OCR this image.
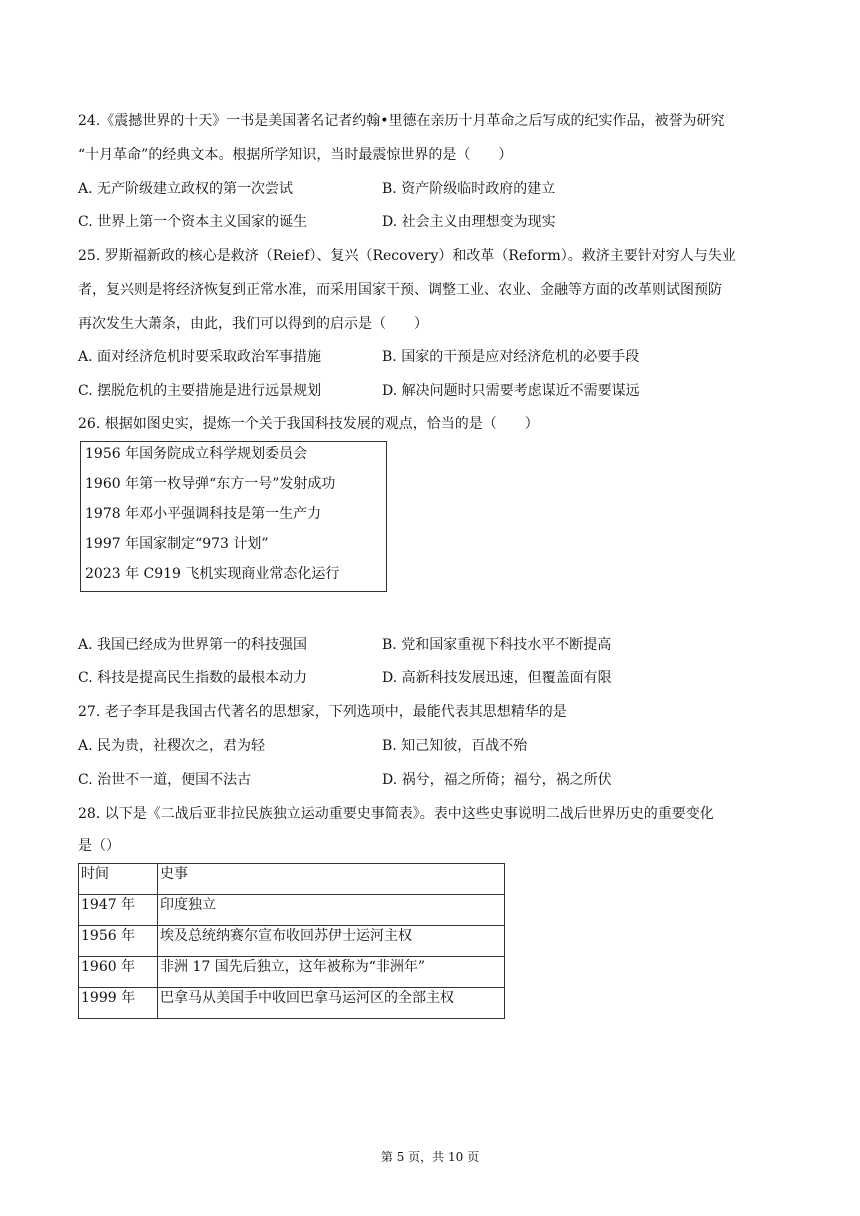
24.《震撼世界的十天》一书是美国著名记者约翰•里德在亲历十月革命之后写成的纪实作品，被誉为研究
“十月革命”的经典文本。根据所学知识，当时最震惊世界的是（　　）
A. 无产阶级建立政权的第一次尝试	B. 资产阶级临时政府的建立
C. 世界上第一个资本主义国家的诞生	D. 社会主义由理想变为现实
25. 罗斯福新政的核心是救济（Reief）、复兴（Recovery）和改革（Reform）。救济主要针对穷人与失业
者，复兴则是将经济恢复到正常水准，而采用国家干预、调整工业、农业、金融等方面的改革则试图预防
再次发生大萧条，由此，我们可以得到的启示是（　　）
A. 面对经济危机时要采取政治军事措施	B. 国家的干预是应对经济危机的必要手段
C. 摆脱危机的主要措施是进行远景规划	D. 解决问题时只需要考虑谋近不需要谋远
26. 根据如图史实，提炼一个关于我国科技发展的观点，恰当的是（　　）
1956 年国务院成立科学规划委员会
1960 年第一枚导弹“东方一号”发射成功
1978 年邓小平强调科技是第一生产力
1997 年国家制定“973 计划”
2023 年 C919 飞机实现商业常态化运行
A. 我国已经成为世界第一的科技强国	B. 党和国家重视下科技水平不断提高
C. 科技是提高民生指数的最根本动力	D. 高新科技发展迅速，但覆盖面有限
27. 老子李耳是我国古代著名的思想家，下列选项中，最能代表其思想精华的是
A. 民为贵，社稷次之，君为轻	B. 知己知彼，百战不殆
C. 治世不一道，便国不法古	D. 祸兮，福之所倚；福兮，祸之所伏
28. 以下是《二战后亚非拉民族独立运动重要史事简表》。表中这些史事说明二战后世界历史的重要变化
是（）
时间	史事
1947 年	印度独立
1956 年	埃及总统纳赛尔宣布收回苏伊士运河主权
1960 年	非洲 17 国先后独立，这年被称为“非洲年”
1999 年	巴拿马从美国手中收回巴拿马运河区的全部主权
第 5 页，共 10 页
